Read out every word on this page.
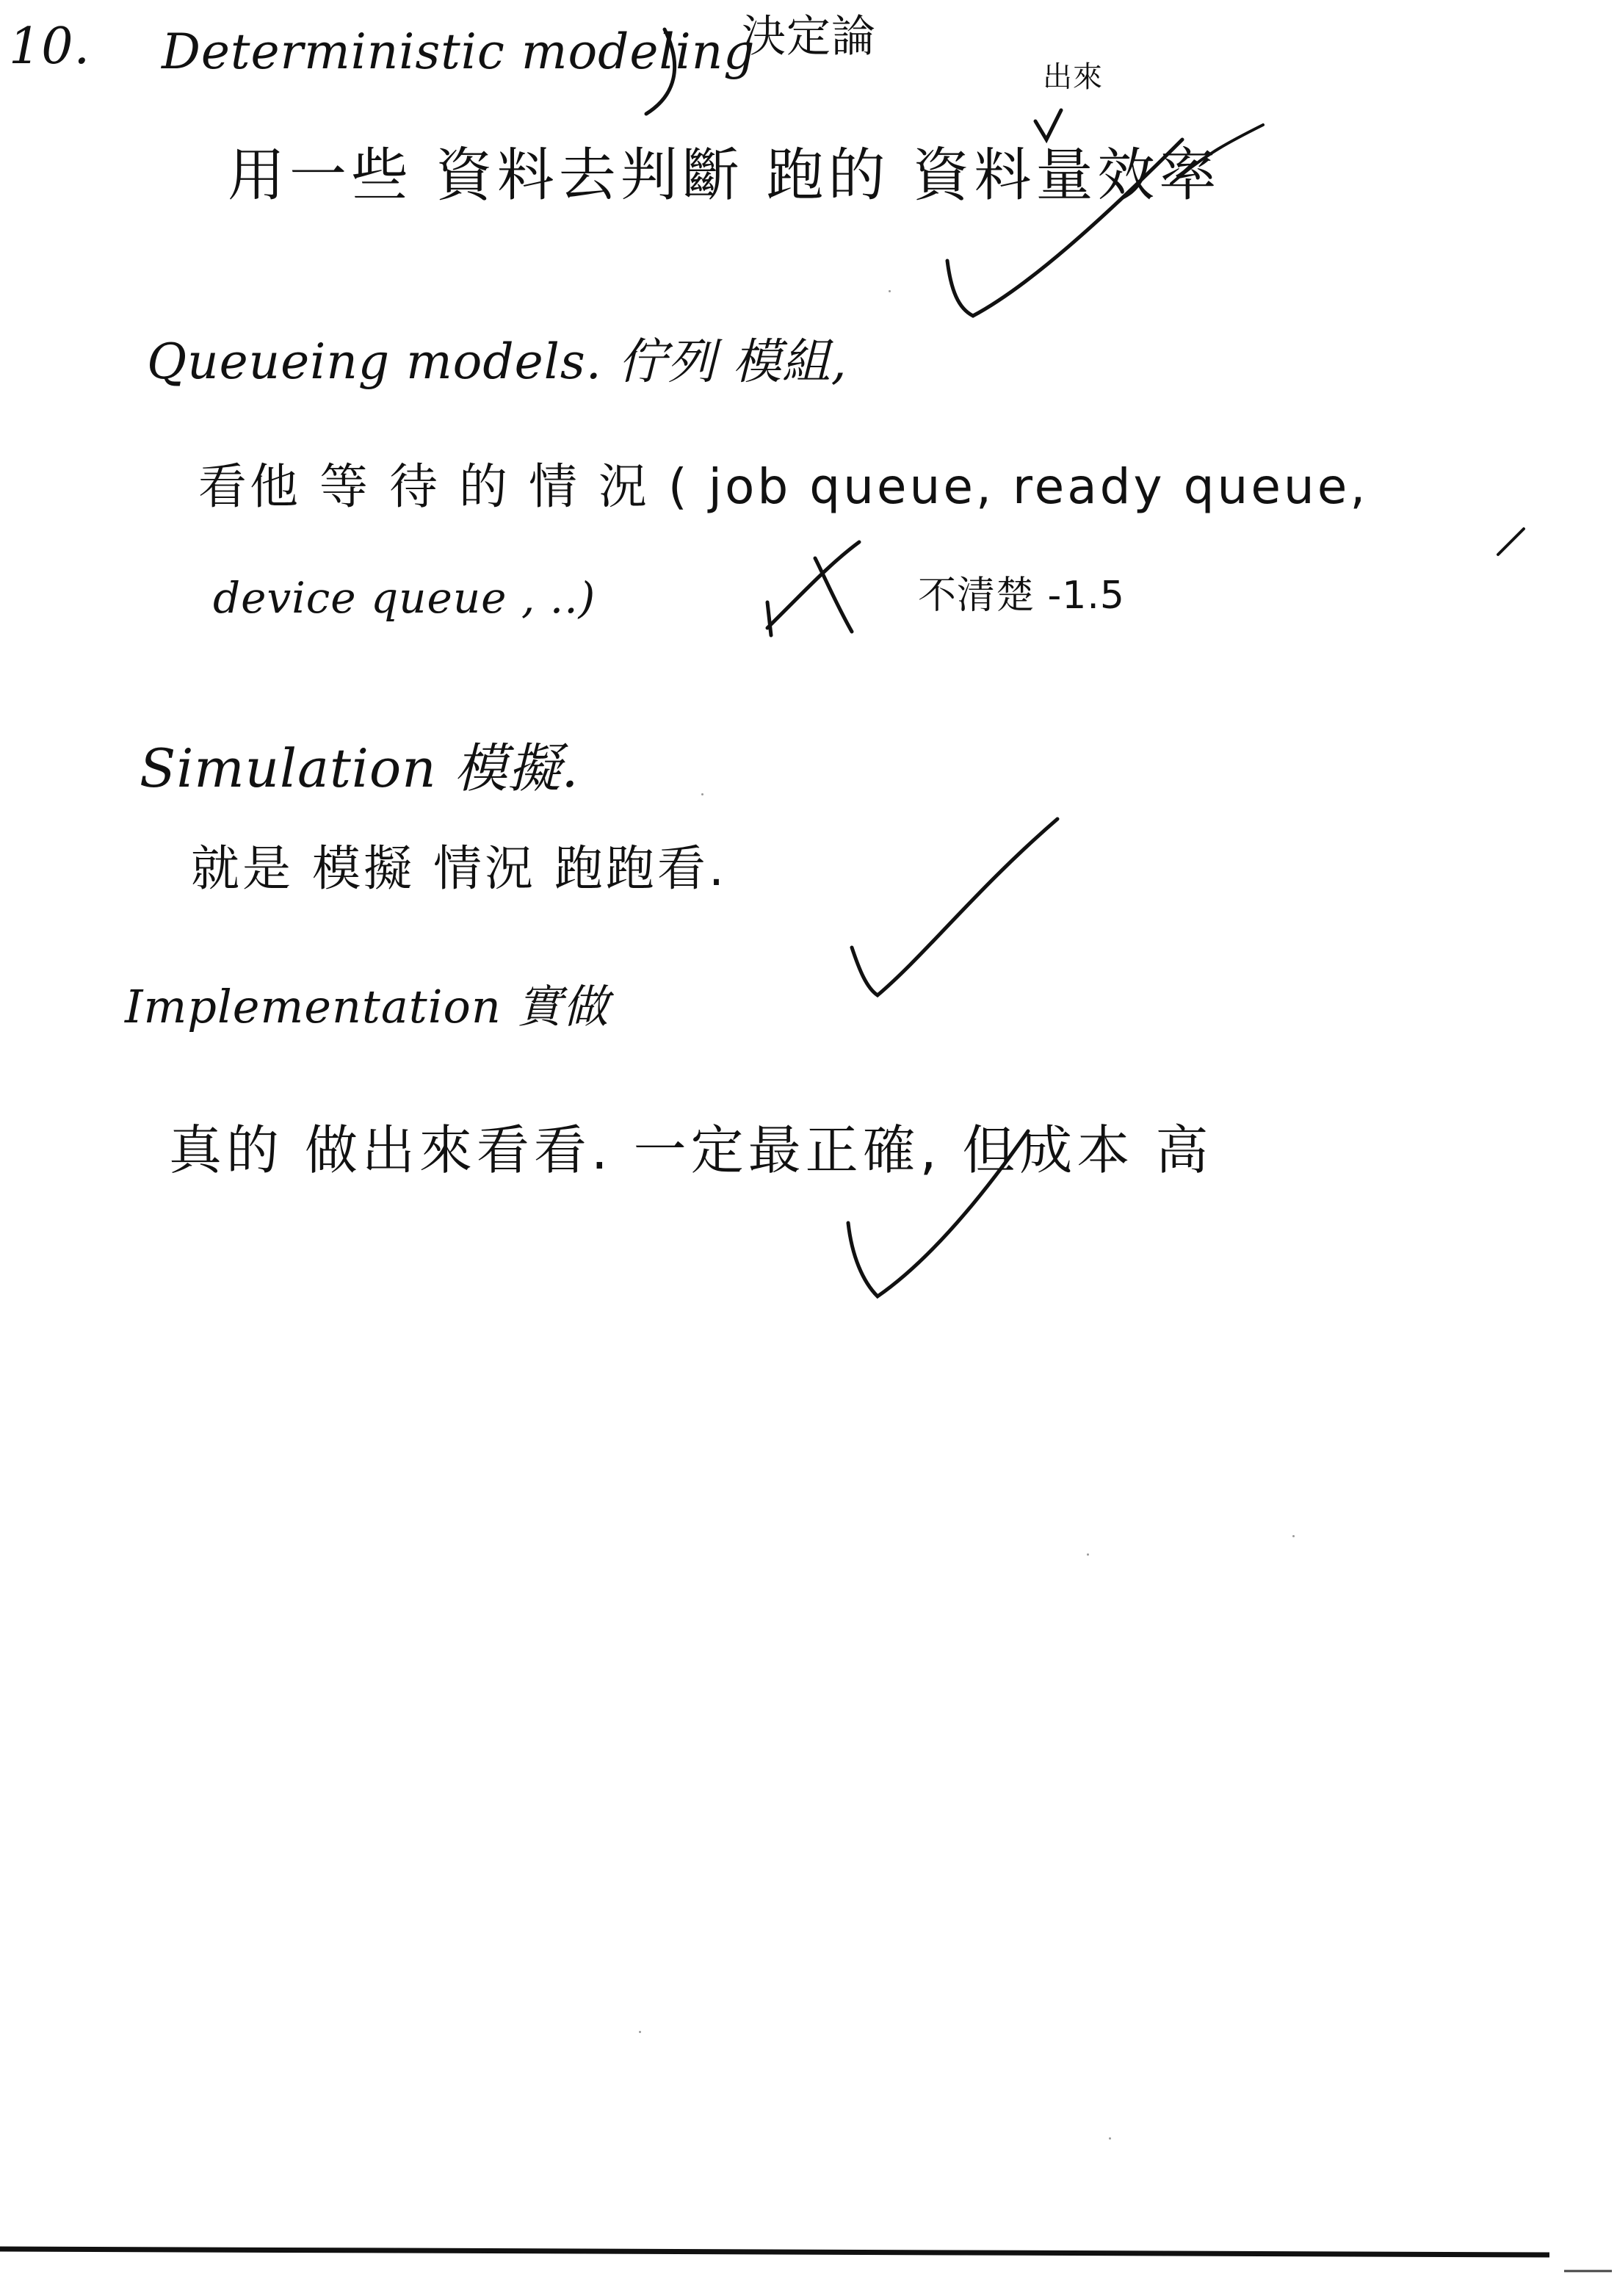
10. Deterministic modeling
決定論
出來
用一些 資料去判斷 跑的 資料量效率
Queueing models. 佇列 模組,
看他 等 待 的 情 況 ( job queue, ready queue,
device queue , ..)	不清楚 -1.5
Simulation 模擬.
就是 模擬 情況 跑跑看.
Implementation 實做
真的 做出來看看. 一定最正確, 但成本 高
